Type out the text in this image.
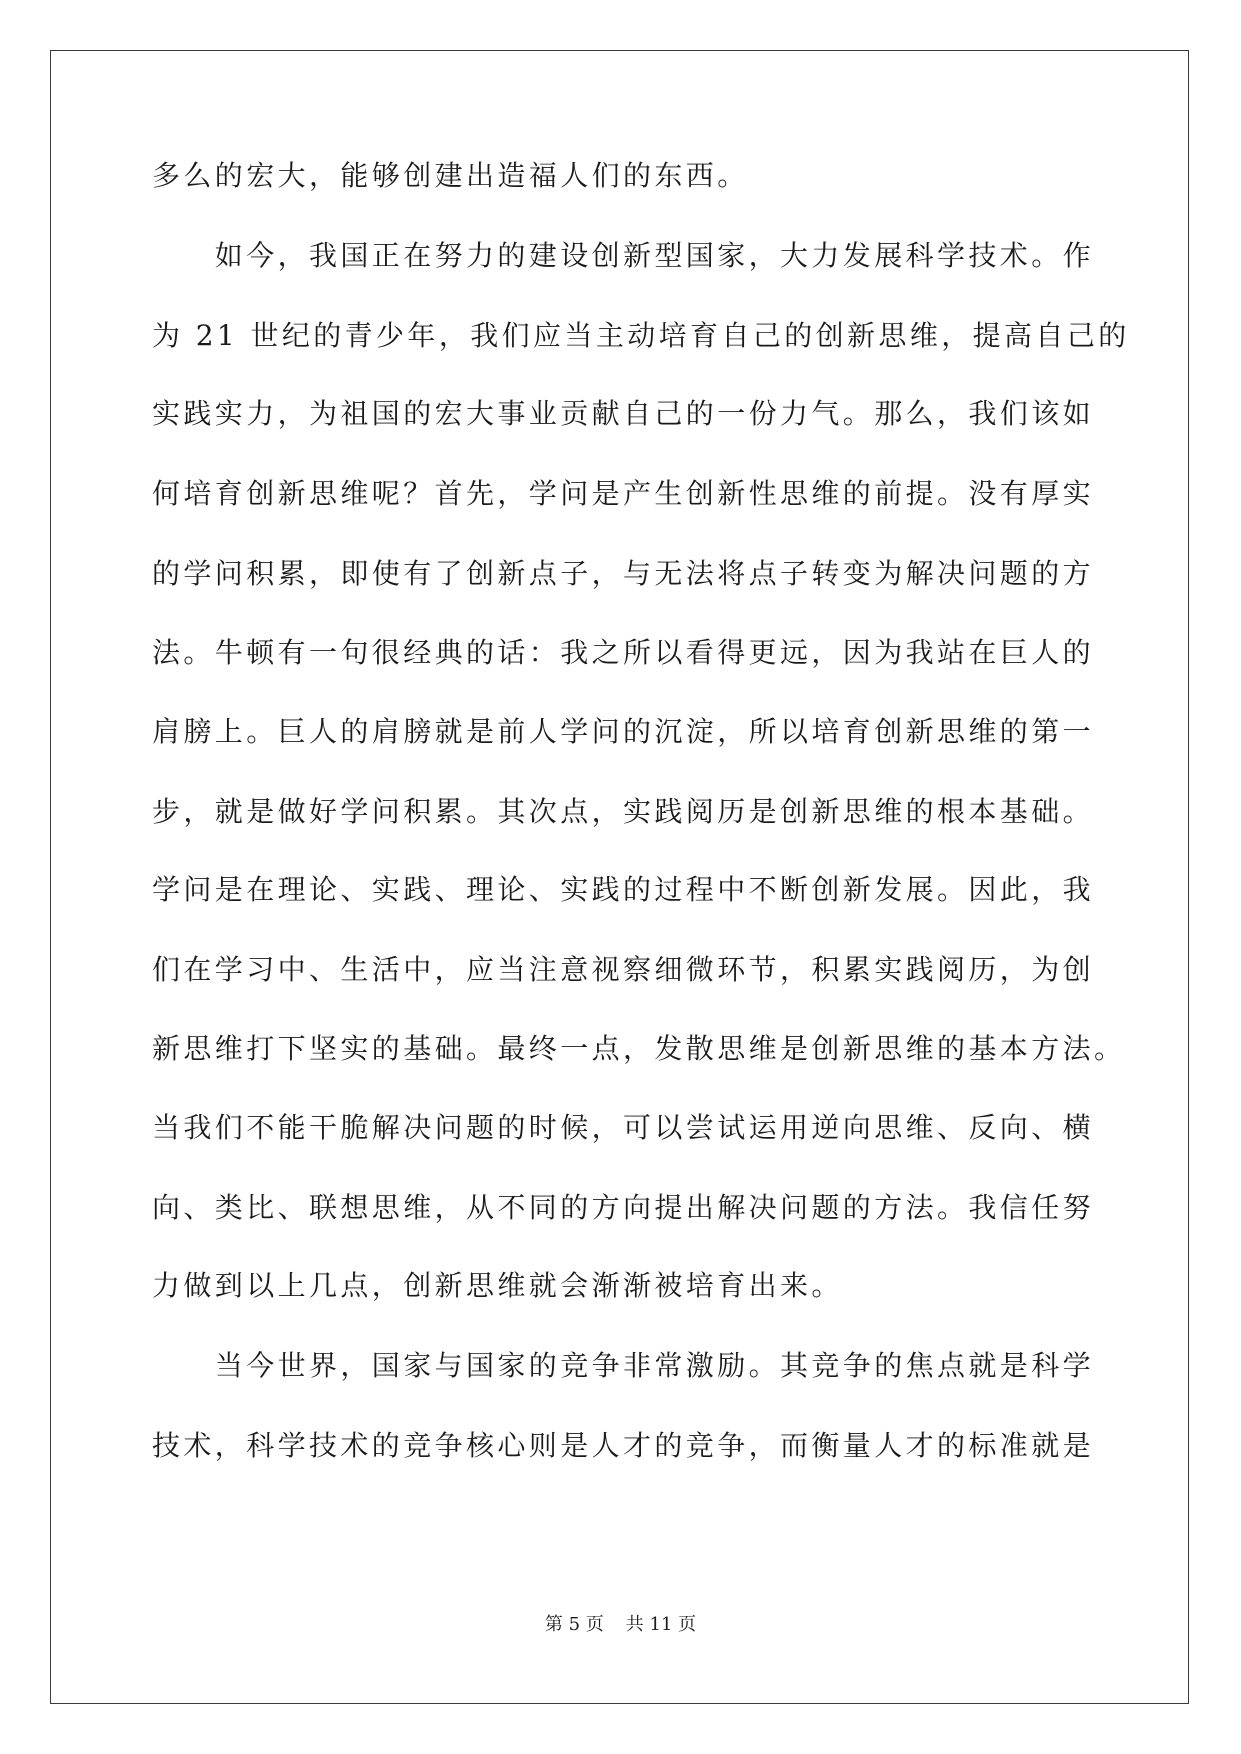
多么的宏大，能够创建出造福人们的东西。
　　如今，我国正在努力的建设创新型国家，大力发展科学技术。作
为 21 世纪的青少年，我们应当主动培育自己的创新思维，提高自己的
实践实力，为祖国的宏大事业贡献自己的一份力气。那么，我们该如
何培育创新思维呢？首先，学问是产生创新性思维的前提。没有厚实
的学问积累，即使有了创新点子，与无法将点子转变为解决问题的方
法。牛顿有一句很经典的话：我之所以看得更远，因为我站在巨人的
肩膀上。巨人的肩膀就是前人学问的沉淀，所以培育创新思维的第一
步，就是做好学问积累。其次点，实践阅历是创新思维的根本基础。
学问是在理论、实践、理论、实践的过程中不断创新发展。因此，我
们在学习中、生活中，应当注意视察细微环节，积累实践阅历，为创
新思维打下坚实的基础。最终一点，发散思维是创新思维的基本方法。
当我们不能干脆解决问题的时候，可以尝试运用逆向思维、反向、横
向、类比、联想思维，从不同的方向提出解决问题的方法。我信任努
力做到以上几点，创新思维就会渐渐被培育出来。
　　当今世界，国家与国家的竞争非常激励。其竞争的焦点就是科学
技术，科学技术的竞争核心则是人才的竞争，而衡量人才的标准就是
第 5 页 共 11 页
